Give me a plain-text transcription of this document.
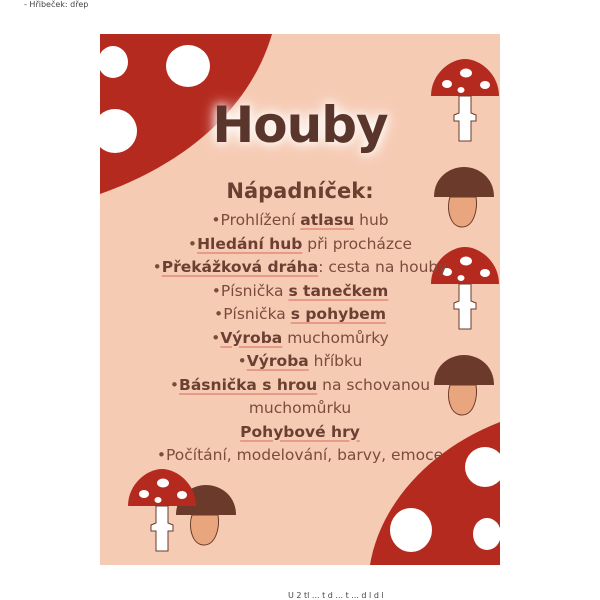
- Hřibeček: dřep
Houby
Nápadníček:
•Prohlížení atlasu hub
•Hledání hub při procházce
•Překážková dráha: cesta na houby
•Písnička s tanečkem
•Písnička s pohybem
•Výroba muchomůrky
•Výroba hříbku
•Básnička s hrou na schovanou
muchomůrku
Pohybové hry
•Počítání, modelování, barvy, emoce
U 2 tl ... t d ... t ... d l d l
